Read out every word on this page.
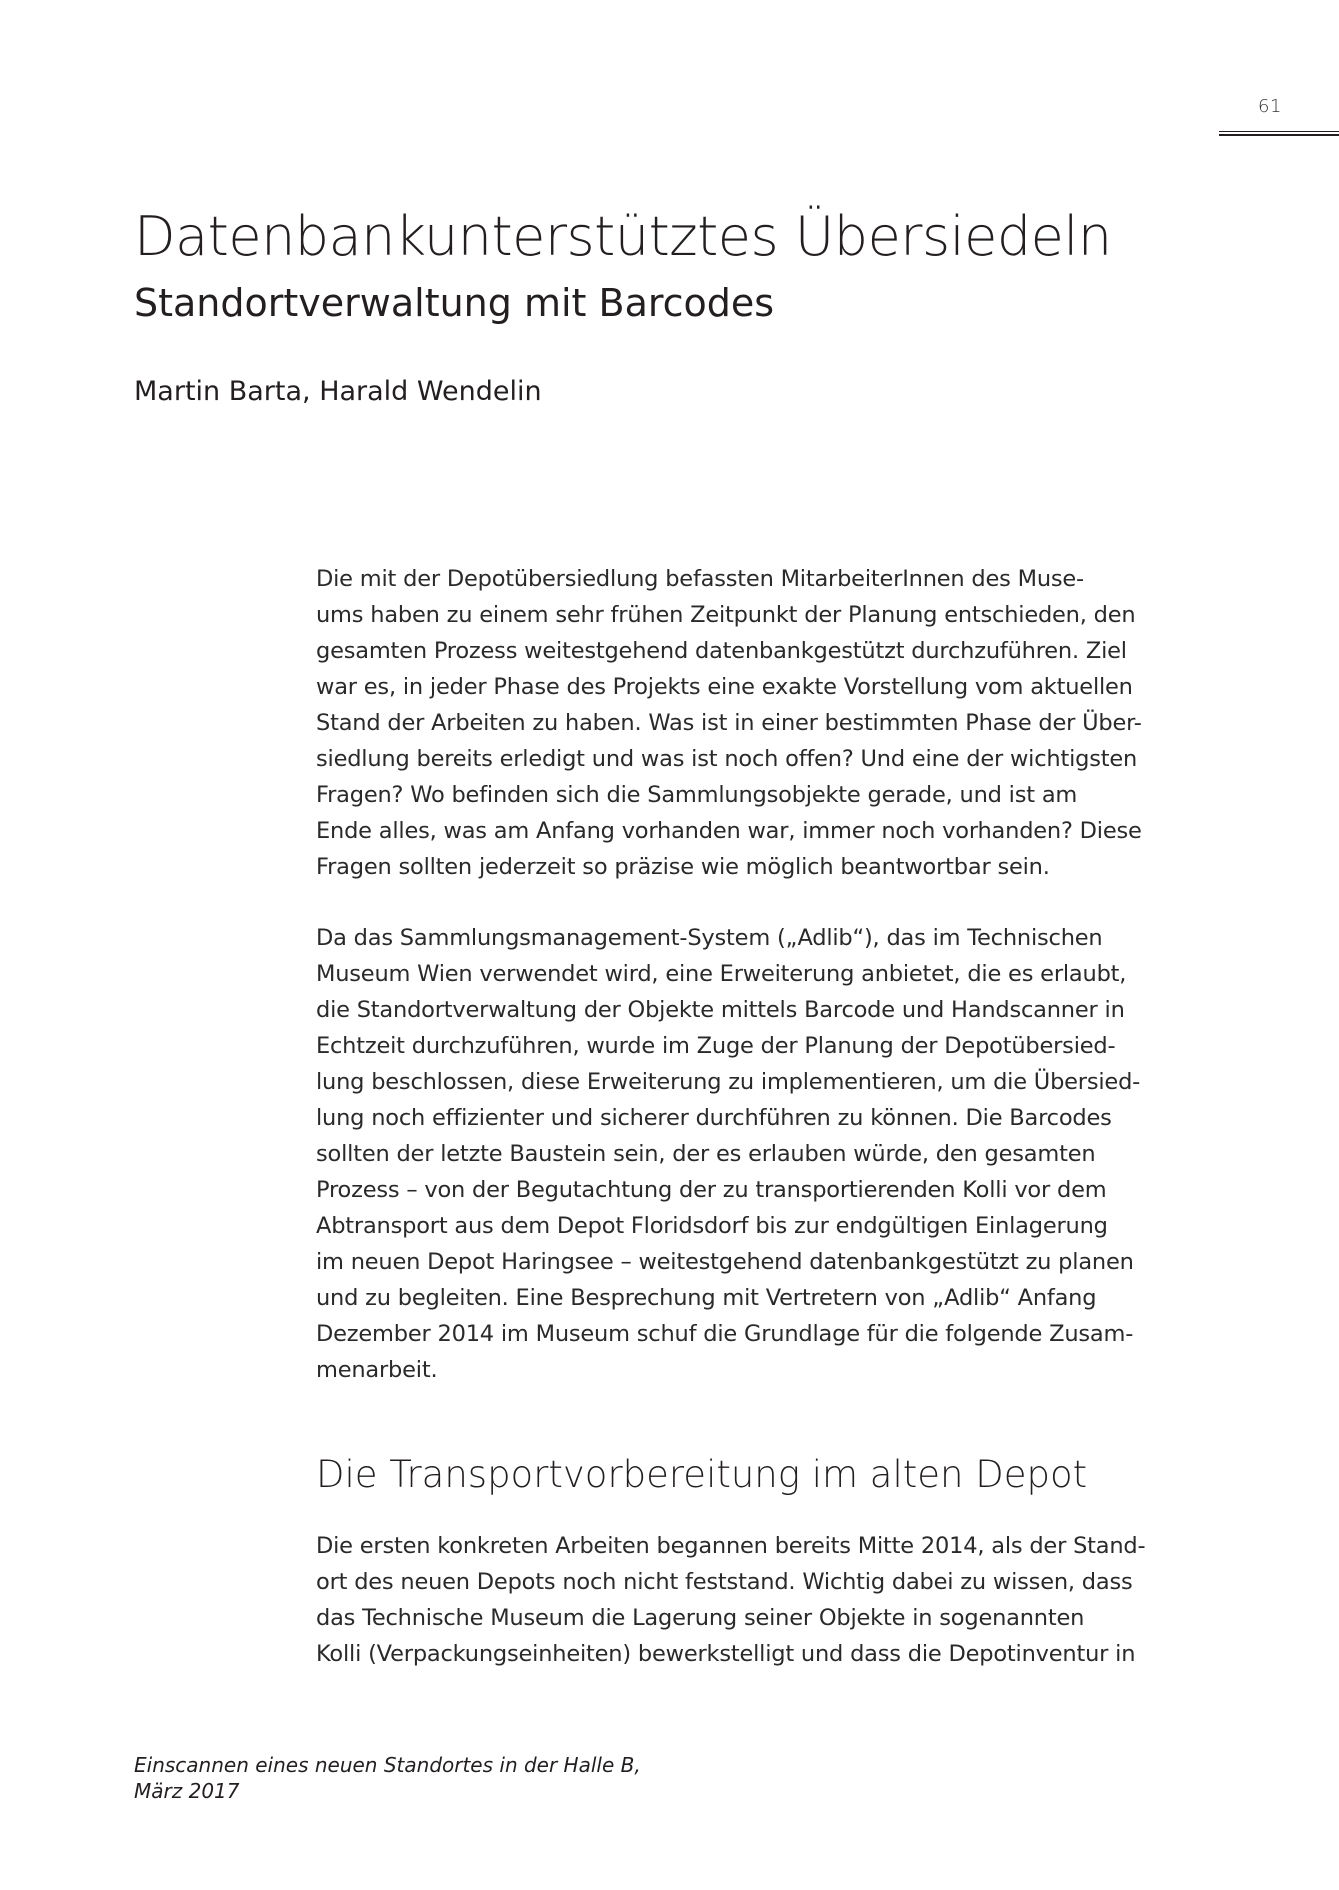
61
Datenbankunterstütztes Übersiedeln
Standortverwaltung mit Barcodes
Martin Barta, Harald Wendelin

Die mit der Depotübersiedlung befassten MitarbeiterInnen des Muse-
ums haben zu einem sehr frühen Zeitpunkt der Planung entschieden, den
gesamten Prozess weitestgehend datenbankgestützt durchzuführen. Ziel
war es, in jeder Phase des Projekts eine exakte Vorstellung vom aktuellen
Stand der Arbeiten zu haben. Was ist in einer bestimmten Phase der Über-
siedlung bereits erledigt und was ist noch offen? Und eine der wichtigsten
Fragen? Wo befinden sich die Sammlungsobjekte gerade, und ist am
Ende alles, was am Anfang vorhanden war, immer noch vorhanden? Diese
Fragen sollten jederzeit so präzise wie möglich beantwortbar sein.

Da das Sammlungsmanagement-System („Adlib“), das im Technischen
Museum Wien verwendet wird, eine Erweiterung anbietet, die es erlaubt,
die Standortverwaltung der Objekte mittels Barcode und Handscanner in
Echtzeit durchzuführen, wurde im Zuge der Planung der Depotübersied-
lung beschlossen, diese Erweiterung zu implementieren, um die Übersied-
lung noch effizienter und sicherer durchführen zu können. Die Barcodes
sollten der letzte Baustein sein, der es erlauben würde, den gesamten
Prozess – von der Begutachtung der zu transportierenden Kolli vor dem
Abtransport aus dem Depot Floridsdorf bis zur endgültigen Einlagerung
im neuen Depot Haringsee – weitestgehend datenbankgestützt zu planen
und zu begleiten. Eine Besprechung mit Vertretern von „Adlib“ Anfang
Dezember 2014 im Museum schuf die Grundlage für die folgende Zusam-
menarbeit.

Die Transportvorbereitung im alten Depot

Die ersten konkreten Arbeiten begannen bereits Mitte 2014, als der Stand-
ort des neuen Depots noch nicht feststand. Wichtig dabei zu wissen, dass
das Technische Museum die Lagerung seiner Objekte in sogenannten
Kolli (Verpackungseinheiten) bewerkstelligt und dass die Depotinventur in

Einscannen eines neuen Standortes in der Halle B,
März 2017
